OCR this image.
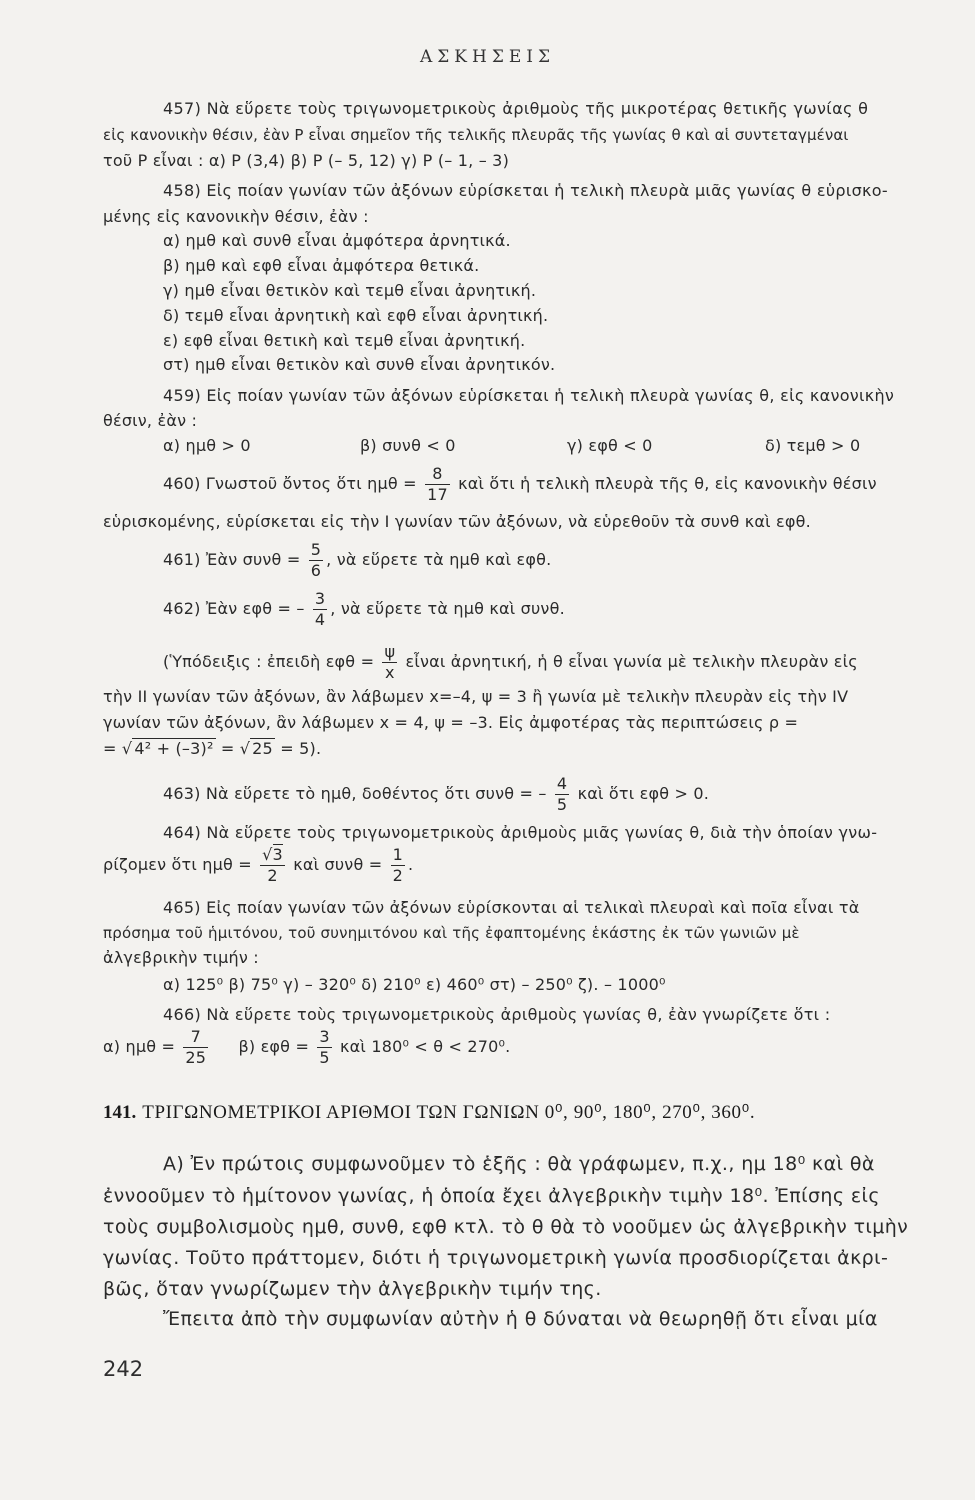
ΑΣΚΗΣΕΙΣ
457) Νὰ εὕρετε τοὺς τριγωνομετρικοὺς ἀριθμοὺς τῆς μικροτέρας θετικῆς γωνίας θ
εἰς κανονικὴν θέσιν, ἐὰν Ρ εἶναι σημεῖον τῆς τελικῆς πλευρᾶς τῆς γωνίας θ καὶ αἱ συντεταγμέναι
τοῦ Ρ εἶναι : α) Ρ (3,4) β) Ρ (– 5, 12) γ) Ρ (– 1, – 3)
458) Εἰς ποίαν γωνίαν τῶν ἀξόνων εὑρίσκεται ἡ τελικὴ πλευρὰ μιᾶς γωνίας θ εὑρισκο-
μένης εἰς κανονικὴν θέσιν, ἐὰν :
α) ημθ καὶ συνθ εἶναι ἀμφότερα ἀρνητικά.
β) ημθ καὶ εφθ εἶναι ἀμφότερα θετικά.
γ) ημθ εἶναι θετικὸν καὶ τεμθ εἶναι ἀρνητική.
δ) τεμθ εἶναι ἀρνητικὴ καὶ εφθ εἶναι ἀρνητική.
ε) εφθ εἶναι θετικὴ καὶ τεμθ εἶναι ἀρνητική.
στ) ημθ εἶναι θετικὸν καὶ συνθ εἶναι ἀρνητικόν.
459) Εἰς ποίαν γωνίαν τῶν ἀξόνων εὑρίσκεται ἡ τελικὴ πλευρὰ γωνίας θ, εἰς κανονικὴν
θέσιν, ἐὰν :
α) ημθ > 0	β) συνθ < 0	γ) εφθ < 0	δ) τεμθ > 0
460) Γνωστοῦ ὄντος ὅτι $\eta\mu\theta = \frac{8}{17}$ καὶ ὅτι ἡ τελικὴ πλευρὰ τῆς θ, εἰς κανονικὴν θέσιν
εὑρισκομένης, εὑρίσκεται εἰς τὴν I γωνίαν τῶν ἀξόνων, νὰ εὑρεθοῦν τὰ συνθ καὶ εφθ.
461) Ἐὰν $\sigma\upsilon\nu\theta = \frac{5}{6}$ , νὰ εὕρετε τὰ ημθ καὶ εφθ.
462) Ἐὰν εφθ = – $\frac{3}{4}$ , νὰ εὕρετε τὰ ημθ καὶ συνθ.
(Ὑπόδειξις : ἐπειδὴ $\varepsilon\varphi\theta = \frac{\psi}{x}$ εἶναι ἀρνητική, ἡ θ εἶναι γωνία μὲ τελικὴν πλευρὰν εἰς
τὴν II γωνίαν τῶν ἀξόνων, ἂν λάβωμεν x=–4, ψ = 3 ἢ γωνία μὲ τελικὴν πλευρὰν εἰς τὴν IV
γωνίαν τῶν ἀξόνων, ἂν λάβωμεν x = 4, ψ = –3. Εἰς ἀμφοτέρας τὰς περιπτώσεις ρ =
= √ 4² + (–3)² = √ 25 = 5).
463) Νὰ εὕρετε τὸ ημθ, δοθέντος ὅτι συνθ = – $\frac{4}{5}$ καὶ ὅτι εφθ > 0.
464) Νὰ εὕρετε τοὺς τριγωνομετρικοὺς ἀριθμοὺς μιᾶς γωνίας θ, διὰ τὴν ὁποίαν γνω-
ρίζομεν ὅτι $\eta\mu\theta = \frac{√3}{2}$ καὶ $\sigma\upsilon\nu\theta = \frac{1}{2}$ .
465) Εἰς ποίαν γωνίαν τῶν ἀξόνων εὑρίσκονται αἱ τελικαὶ πλευραὶ καὶ ποῖα εἶναι τὰ
πρόσημα τοῦ ἡμιτόνου, τοῦ συνημιτόνου καὶ τῆς ἐφαπτομένης ἑκάστης ἐκ τῶν γωνιῶν μὲ
ἀλγεβρικὴν τιμήν :
α) 125⁰ β) 75⁰ γ) – 320⁰ δ) 210⁰ ε) 460⁰ στ) – 250⁰ ζ). – 1000⁰
466) Νὰ εὕρετε τοὺς τριγωνομετρικοὺς ἀριθμοὺς γωνίας θ, ἐὰν γνωρίζετε ὅτι :
α) $\eta\mu\theta = \frac{7}{25} \beta$) $\varepsilon\varphi\theta = \frac{3}{5}$ καὶ 180⁰ < θ < 270⁰.
141. ΤΡΙΓΩΝΟΜΕΤΡΙΚΟΙ ΑΡΙΘΜΟΙ ΤΩΝ ΓΩΝΙΩΝ 0⁰, 90⁰, 180⁰, 270⁰, 360⁰.
Α) Ἐν πρώτοις συμφωνοῦμεν τὸ ἑξῆς : θὰ γράφωμεν, π.χ., ημ 18⁰ καὶ θὰ
ἐννοοῦμεν τὸ ἡμίτονον γωνίας, ἡ ὁποία ἔχει ἀλγεβρικὴν τιμὴν 18⁰. Ἐπίσης εἰς
τοὺς συμβολισμοὺς ημθ, συνθ, εφθ κτλ. τὸ θ θὰ τὸ νοοῦμεν ὡς ἀλγεβρικὴν τιμὴν
γωνίας. Τοῦτο πράττομεν, διότι ἡ τριγωνομετρικὴ γωνία προσδιορίζεται ἀκρι-
βῶς, ὅταν γνωρίζωμεν τὴν ἀλγεβρικὴν τιμήν της.
Ἔπειτα ἀπὸ τὴν συμφωνίαν αὐτὴν ἡ θ δύναται νὰ θεωρηθῇ ὅτι εἶναι μία
242
